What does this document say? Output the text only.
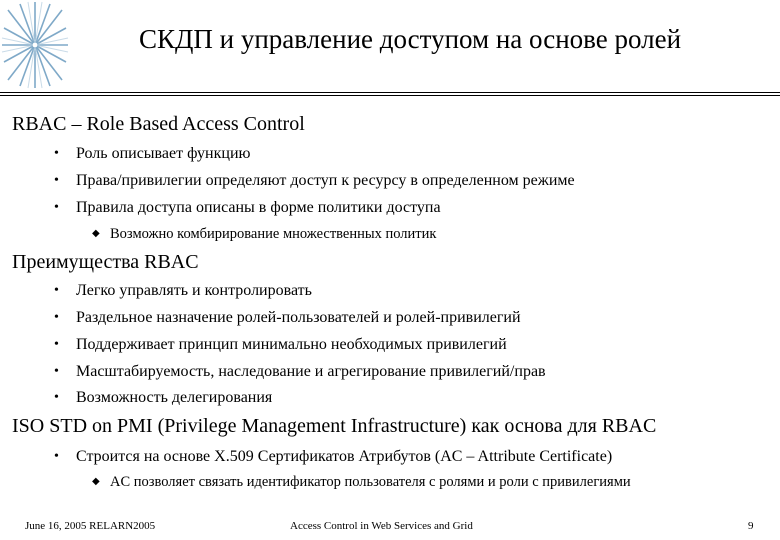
СКДП и управление доступом на основе ролей
RBAC – Role Based Access Control
• Роль описывает функцию
• Права/привилегии определяют доступ к ресурсу в определенном режиме
• Правила доступа описаны в форме политики доступа
◆ Возможно комбирирование множественных политик
Преимущества RBAC
• Легко управлять и контролировать
• Раздельное назначение ролей-пользователей и ролей-привилегий
• Поддерживает принцип минимально необходимых привилегий
• Масштабируемость, наследование и агрегирование привилегий/прав
• Возможность делегирования
ISO STD on PMI (Privilege Management Infrastructure) как основа для RBAC
• Строится на основе X.509 Сертификатов Атрибутов (AC – Attribute Certificate)
◆ AC позволяет связать идентификатор пользователя с ролями и роли с привилегиями
June 16, 2005 RELARN2005	Access Control in Web Services and Grid	9
